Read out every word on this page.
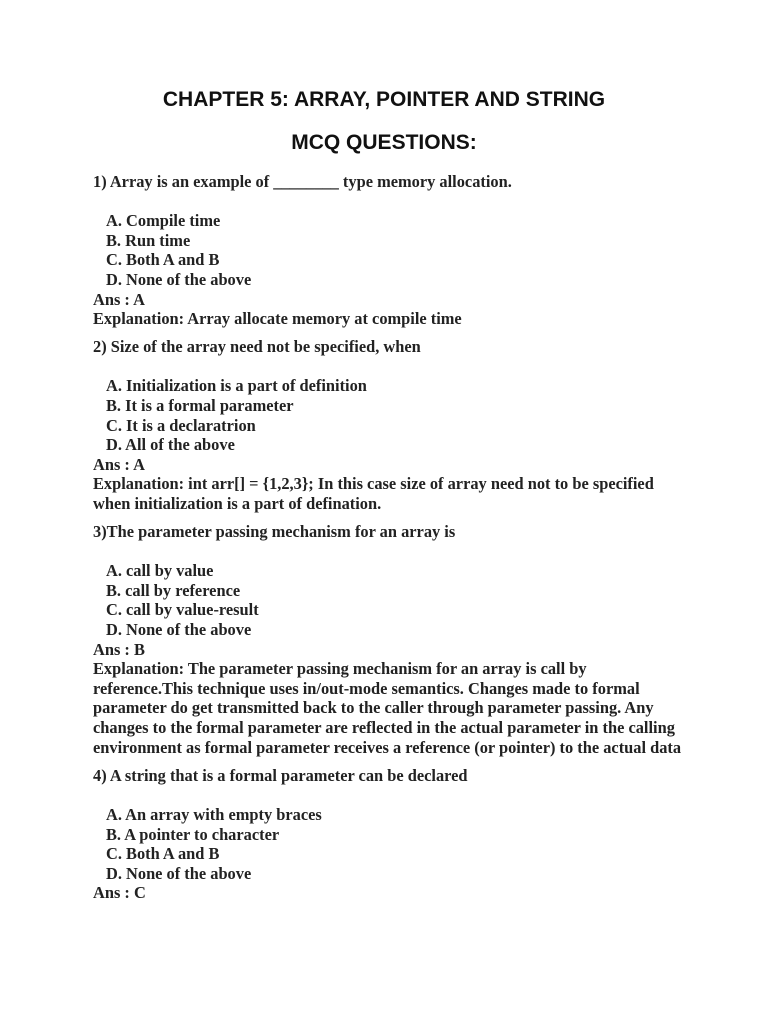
CHAPTER 5: ARRAY, POINTER AND STRING
MCQ QUESTIONS:

1) Array is an example of ________ type memory allocation.

A. Compile time
B. Run time
C. Both A and B
D. None of the above

Ans : A

Explanation: Array allocate memory at compile time

2) Size of the array need not be specified, when

A. Initialization is a part of definition
B. It is a formal parameter
C. It is a declaratrion
D. All of the above

Ans : A

Explanation: int arr[] = {1,2,3}; In this case size of array need not to be specified when initialization is a part of defination.

3)The parameter passing mechanism for an array is

A. call by value
B. call by reference
C. call by value-result
D. None of the above

Ans : B

Explanation: The parameter passing mechanism for an array is call by reference.This technique uses in/out-mode semantics. Changes made to formal parameter do get transmitted back to the caller through parameter passing. Any changes to the formal parameter are reflected in the actual parameter in the calling environment as formal parameter receives a reference (or pointer) to the actual data

4) A string that is a formal parameter can be declared

A. An array with empty braces
B. A pointer to character
C. Both A and B
D. None of the above

Ans : C
